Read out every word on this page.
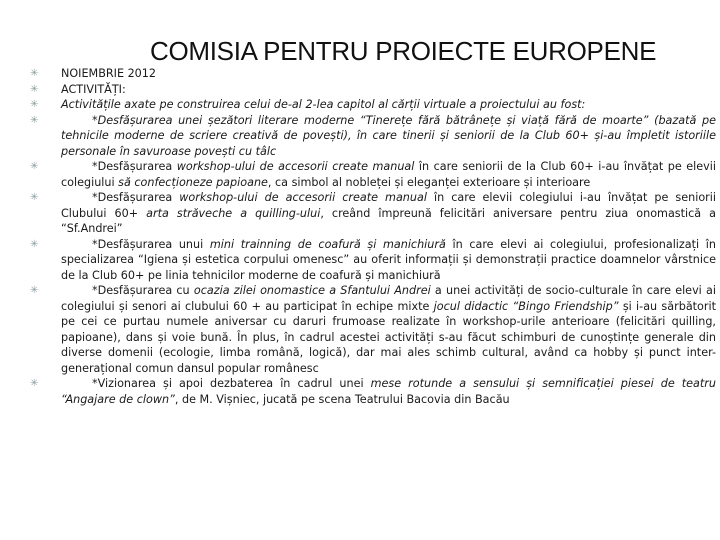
COMISIA PENTRU PROIECTE EUROPENE
✳ NOIEMBRIE 2012
✳ ACTIVITĂȚI:
✳ Activitățile axate pe construirea celui de-al 2-lea capitol al cărții virtuale a proiectului au fost:
✳	*Desfășurarea unei șezători literare moderne “Tinerețe fără bătrânețe și viață fără de moarte” (bazată pe tehnicile moderne de scriere creativă de povești), în care tinerii și seniorii de la Club 60+ și-au împletit istoriile personale în savuroase povești cu tâlc
✳	*Desfășurarea workshop-ului de accesorii create manual în care seniorii de la Club 60+ i-au învățat pe elevii colegiului să confecționeze papioane, ca simbol al nobleței și eleganței exterioare și interioare
✳	*Desfășurarea workshop-ului de accesorii create manual în care elevii colegiului i-au învățat pe seniorii Clubului 60+ arta străveche a quilling-ului, creând împreună felicitări aniversare pentru ziua onomastică a “Sf.Andrei”
✳	*Desfășurarea unui mini trainning de coafură și manichiură în care elevi ai colegiului, profesionalizați în specializarea “Igiena și estetica corpului omenesc” au oferit informații și demonstrații practice doamnelor vârstnice de la Club 60+ pe linia tehnicilor moderne de coafură și manichiură
✳	*Desfășurarea cu ocazia zilei onomastice a Sfantului Andrei a unei activități de socio-culturale în care elevi ai colegiului și senori ai clubului 60 + au participat în echipe mixte jocul didactic “Bingo Friendship” și i-au sărbătorit pe cei ce purtau numele aniversar cu daruri frumoase realizate în workshop-urile anterioare (felicitări quilling, papioane), dans și voie bună. În plus, în cadrul acestei activități s-au făcut schimburi de cunoștințe generale din diverse domenii (ecologie, limba română, logică), dar mai ales schimb cultural, având ca hobby și punct inter-generațional comun dansul popular românesc
✳	*Vizionarea și apoi dezbaterea în cadrul unei mese rotunde a sensului și semnificației piesei de teatru “Angajare de clown”, de M. Vișniec, jucată pe scena Teatrului Bacovia din Bacău
